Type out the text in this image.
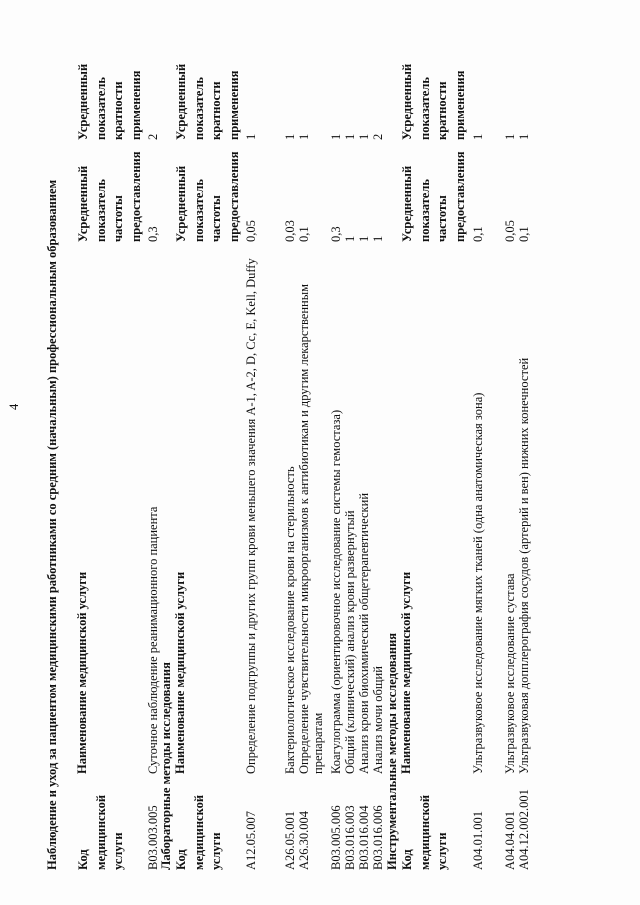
4 Наблюдение и уход за пациентом медицинскими работниками со средним (начальным) профессиональным образованием Код медицинской услуги
Наименование медицинской услуги
Усредненный показатель частоты предоставления
Усредненный показатель кратности применения
B03.003.005
Суточное наблюдение реанимационного пациента
0,3
2
Лабораторные методы исследования Код медицинской услуги
Наименование медицинской услуги
Усредненный показатель частоты предоставления
Усредненный показатель кратности применения
A12.05.007
Определение подгруппы и других групп крови меньшего значения A-1, A-2, D, Cc, E, Kell, Duffy
0,05
1
A26.05.001
Бактериологическое исследование крови на стерильность
0,03
1
A26.30.004
Определение чувствительности микроорганизмов к антибиотикам и другим лекарственным препаратам
0,1
1
B03.005.006
Коагулограмма (ориентировочное исследование системы гемостаза)
0,3
1
B03.016.003
Общий (клинический) анализ крови развернутый
1
1
B03.016.004
Анализ крови биохимический общетерапевтический
1
1
B03.016.006
Анализ мочи общий
1
2
Инструментальные методы исследования Код медицинской услуги
Наименование медицинской услуги
Усредненный показатель частоты предоставления
Усредненный показатель кратности применения
A04.01.001
Ультразвуковое исследование мягких тканей (одна анатомическая зона)
0,1
1
A04.04.001
Ультразвуковое исследование сустава
0,05
1
A04.12.002.001
Ультразвуковая допплерография сосудов (артерий и вен) нижних конечностей
0,1
1
